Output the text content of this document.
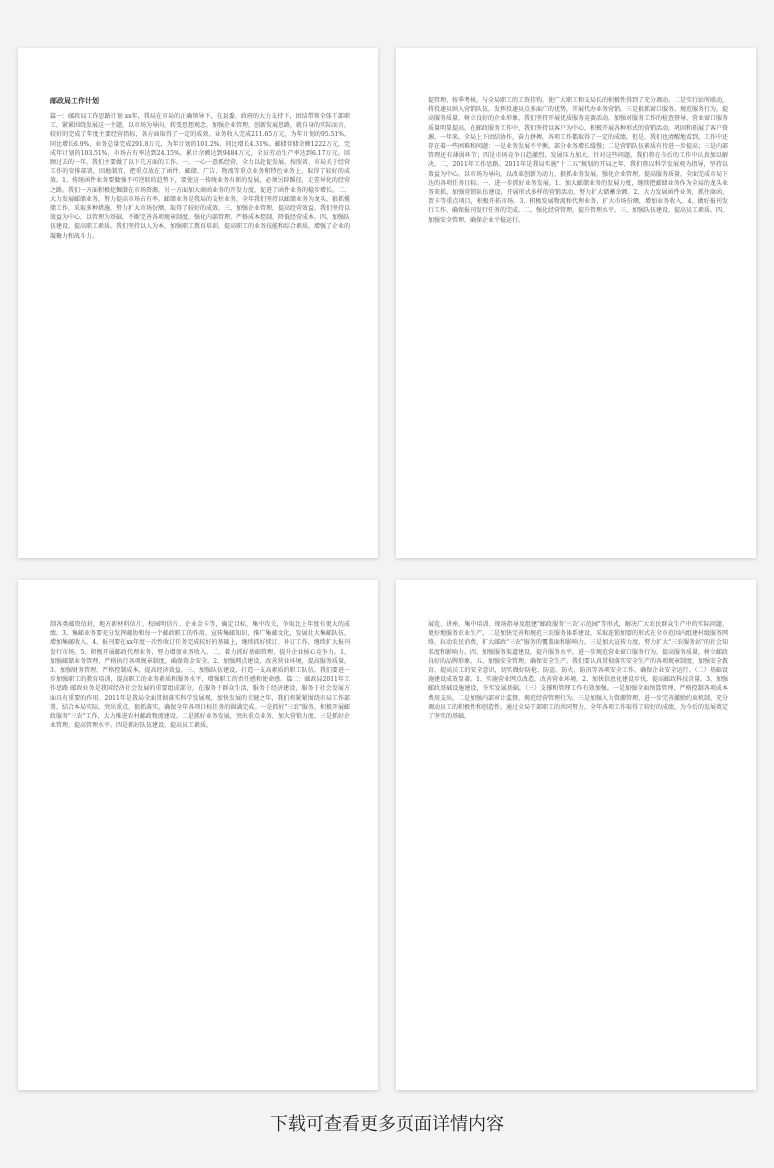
邮政局工作计划

篇一：邮政局工作思路计划 xx年，我局在市局的正确领导下，在县委、政府的大力支持下，团结带领全体干部职工，紧紧围绕发展这一主题，以市场为导向，转变思想观念，加强企业管理，创新发展思路，就自身的实际而言，较好的完成了年度主要经营指标，各方面取得了一定的成效。业务收入完成211.65万元，为年计划的95.51%，同比增长6.9%，业务总量完成291.8万元，为年计划的101.2%，同比增长4.31%。邮储存储余额1222万元，完成年计划的103.51%，市场占有率达到24.15%，累计余额达到9484万元，全员劳动生产率达到6.17万元。回顾过去的一年，我们主要做了以下几方面的工作。一、一心一意抓经营，全力以赴促发展。按照省、市局关于经营工作的安排部署，因地制宜，把重点放在了函件、邮储、广告、物流等重点业务和特色业务上，取得了较好的成效。1、传统函件业务要做强不可逆转的趋势下，要使这一传统业务有新的发展，必须另辟蹊径，走差异化的经营之路。我们一方面积极挖掘潜在市场资源，另一方面加大商函业务的开发力度，促进了函件业务的稳步增长。二、大力发展邮储业务，努力提高市场占有率。邮储业务是我局的支柱业务，全年我们坚持以邮储业务为龙头，狠抓揽储工作，采取多种措施，努力扩大市场份额，取得了较好的成效。三、加强企业管理，提高经营效益。我们坚持以效益为中心，以管理为基础，不断完善各项规章制度，强化内部管理，严格成本控制，降低经营成本。四、加强队伍建设，提高职工素质。我们坚持以人为本，加强职工教育培训，提高职工的业务技能和综合素质，增强了企业的凝聚力和战斗力。

提管理，按季考核，与全局职工的工资挂钩，使广大职工和支局长的积极性得到了充分调动。二是实行站所联动，将投递员纳入营销队伍，发挥投递员点多面广的优势，开展代办业务营销。三是狠抓窗口服务，规范服务行为，提高服务质量，树立良好的企业形象。我们坚持开展优质服务竞赛活动，加强对服务工作的检查督导，营业窗口服务质量明显提高。在邮政服务工作中，我们坚持以客户为中心，积极开展各种形式的营销活动，巩固和拓展了客户资源。一年来，全局上下团结协作，奋力拼搏，各项工作都取得了一定的成绩。但是，我们也清醒地看到，工作中还存在着一些困难和问题：一是业务发展不平衡，部分业务增长缓慢；二是营销队伍素质有待进一步提高；三是内部管理还有薄弱环节；四是市场竞争日趋激烈，发展压力加大。针对这些问题，我们将在今后的工作中认真加以解决。二、2011年工作思路。2011年是我局实施"十二五"规划的开局之年，我们将以科学发展观为指导，坚持以效益为中心，以市场为导向，以改革创新为动力，狠抓业务发展，强化企业管理，提高服务质量，全面完成市局下达的各项任务目标。一、进一步抓好业务发展。1、加大邮储业务的发展力度，继续把邮储业务作为全局的龙头业务来抓，加强营销队伍建设，开展形式多样的营销活动，努力扩大储蓄余额。2、大力发展函件业务，抓住商函、贺卡等重点项目，积极开拓市场。3、积极发展物流和代理业务，扩大市场份额，增加业务收入。4、做好报刊发行工作，确保报刊发行任务的完成。二、强化经营管理，提升管理水平。三、加强队伍建设，提高员工素质。四、加强安全管理，确保企业平稳运行。

制各类邮资信封，地方新材料信片、校园明信片、企业金卡等，确定目标，集中攻关，争取比上年度有更大的成绩。3、集邮业务要充分发挥邮协和每一个邮政职工的作用，宣传集邮知识，推广集邮文化，发展壮大集邮队伍，增加集邮收入。4、报刊要在xx年度一次性收订任务完成较好的基础上，继续抓好续订、补订工作，继续扩大报刊发行市场。5、积极开展邮政代理业务，努力增加业务收入。二、着力抓好基础管理，提升企业核心竞争力。1、加强邮储业务管理，严格执行各项规章制度，确保资金安全。2、加强网点建设，改善营业环境，提高服务质量。3、加强财务管理，严格控制成本，提高经济效益。三、加强队伍建设，打造一支高素质的职工队伍。我们要进一步加强职工的教育培训，提高职工的业务素质和服务水平，增强职工的责任感和使命感。篇二：邮政局2011年工作思路 邮政业务是我国经济社会发展的重要组成部分，在服务于群众生活，服务于经济建设，服务于社会发展方面具有重要的作用。2011年是我局全面贯彻落实科学发展观，加快发展的关键之年，我们将紧紧围绕市局工作部署，结合本局实际，突出重点，狠抓落实，确保全年各项目标任务的圆满完成。一是抓好"三农"服务，积极开展邮政服务"三农"工作，大力推进农村邮政物流建设。二是抓好业务发展，突出重点业务，加大营销力度。三是抓好企业管理，提高管理水平。四是抓好队伍建设，提高员工素质。

展览、讲座、集中培训、现场指导及组建"邮政服务'三农'示范园"等形式，解决广大农民群众生产中的实际问题，更好地服务农业生产。二是加快完善和规范三农服务体系建设，采取连锁加盟的形式在全市范围内组建村级服务网络，拉动农民消费，扩大邮政"三农"服务的覆盖面和影响力。三是加大宣传力度，努力扩大"三农服务站"的社会知名度和影响力。四、加强服务渠道建设，提升服务水平，进一步规范营业窗口服务行为，提高服务质量，树立邮政良好的品牌形象。五、加强安全管理，确保安全生产。我们要认真贯彻落实安全生产的各项规章制度，加强安全教育，提高员工的安全意识，切实做好防抢、防盗、防火、防汛等各项安全工作，确保企业安全运行。（二）基础设施建设成效显著。1、实施营业网点改造，改善营业环境。2、加快信息化建设步伐，提高邮政科技含量。3、加强邮政基础设施建设，夯实发展基础。（三）支撑和管理工作有效加强。一是加强全面预算管理，严格控制各项成本费用支出。二是加强内部审计监督，规范经营管理行为。三是加强人力资源管理，进一步完善激励约束机制，充分调动员工的积极性和创造性。通过全局干部职工的共同努力，全年各项工作取得了较好的成绩，为今后的发展奠定了坚实的基础。

下载可查看更多页面详情内容
